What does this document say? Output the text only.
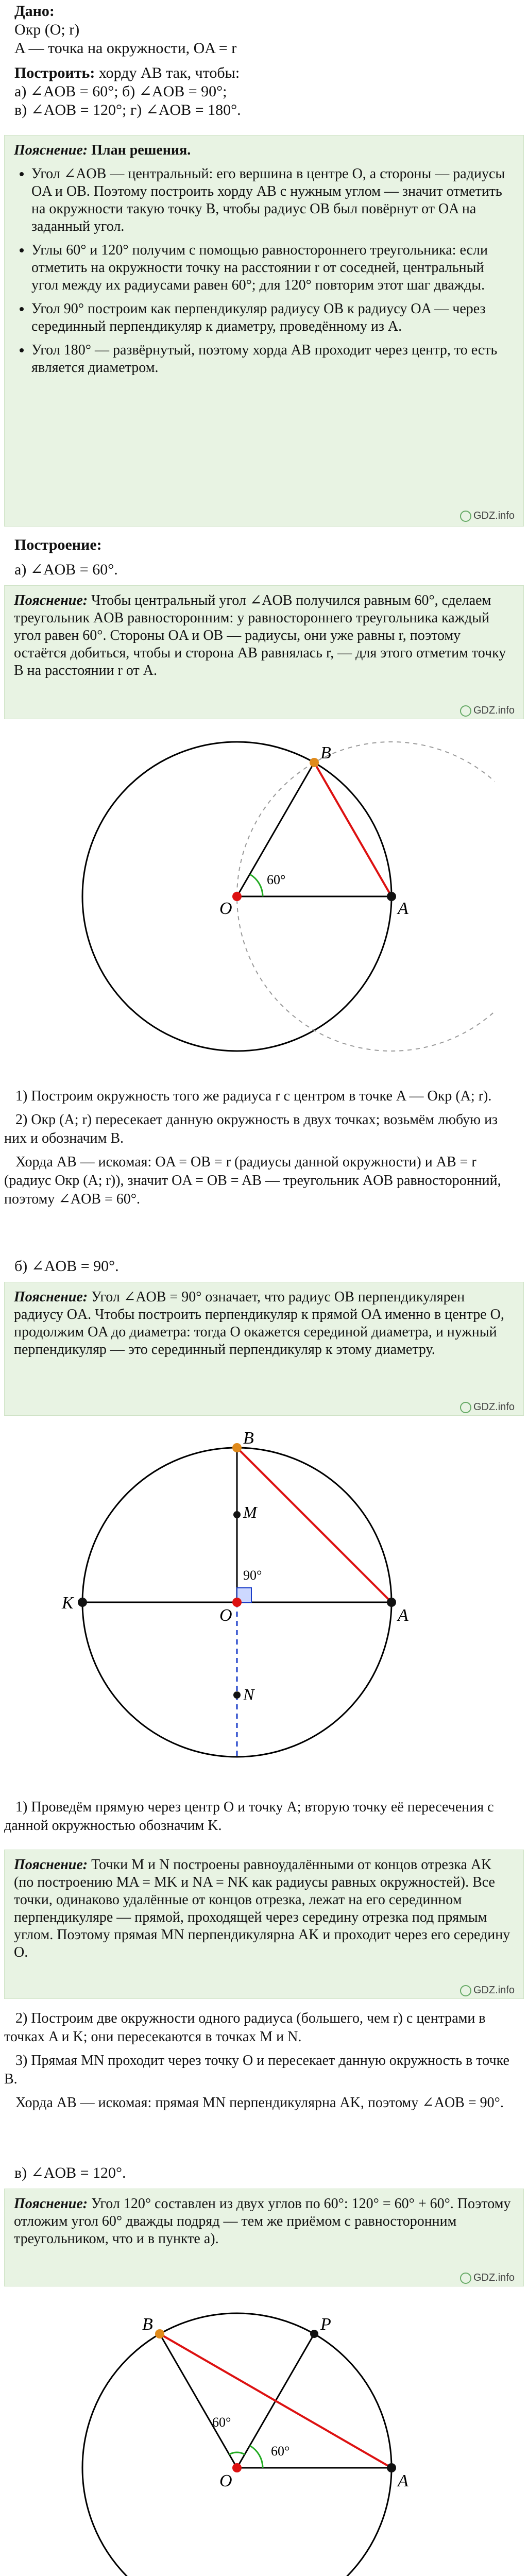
Дано:
Окр (O; r)
A — точка на окружности, OA = r
Построить: хорду AB так, чтобы:
а) ∠AOB = 60°; б) ∠AOB = 90°;
в) ∠AOB = 120°; г) ∠AOB = 180°.
Пояснение: План решения.
• Угол ∠AOB — центральный: его вершина в центре O, а стороны — радиусы OA и OB. Поэтому построить хорду AB с нужным углом — значит отметить на окружности такую точку B, чтобы радиус OB был повёрнут от OA на заданный угол.
• Углы 60° и 120° получим с помощью равностороннего треугольника: если отметить на окружности точку на расстоянии r от соседней, центральный угол между их радиусами равен 60°; для 120° повторим этот шаг дважды.
• Угол 90° построим как перпендикуляр радиусу OB к радиусу OA — через серединный перпендикуляр к диаметру, проведённому из A.
• Угол 180° — развёрнутый, поэтому хорда AB проходит через центр, то есть является диаметром.
GDZ.info
Построение:
а) ∠AOB = 60°.
Пояснение: Чтобы центральный угол ∠AOB получился равным 60°, сделаем треугольник AOB равносторонним: у равностороннего треугольника каждый угол равен 60°. Стороны OA и OB — радиусы, они уже равны r, поэтому остаётся добиться, чтобы и сторона AB равнялась r, — для этого отметим точку B на расстоянии r от A.
GDZ.info
O
B
A
60°

1) Построим окружность того же радиуса r с центром в точке A — Окр (A; r).

2) Окр (A; r) пересекает данную окружность в двух точках; возьмём любую из них и обозначим B.

Хорда AB — искомая: OA = OB = r (радиусы данной окружности) и AB = r (радиус Окр (A; r)), значит OA = OB = AB — треугольник AOB равносторонний, поэтому ∠AOB = 60°.

б) ∠AOB = 90°.
Пояснение: Угол ∠AOB = 90° означает, что радиус OB перпендикулярен радиусу OA. Чтобы построить перпендикуляр к прямой OA именно в центре O, продолжим OA до диаметра: тогда O окажется серединой диаметра, и нужный перпендикуляр — это серединный перпендикуляр к этому диаметру.
GDZ.info
B
M
K
O	A
N
90°

1) Проведём прямую через центр O и точку A; вторую точку её пересечения с данной окружностью обозначим K.

Пояснение: Точки M и N построены равноудалёнными от концов отрезка AK (по построению MA = MK и NA = NK как радиусы равных окружностей). Все точки, одинаково удалённые от концов отрезка, лежат на его серединном перпендикуляре — прямой, проходящей через середину отрезка под прямым углом. Поэтому прямая MN перпендикулярна AK и проходит через его середину O.
GDZ.info

2) Построим две окружности одного радиуса (большего, чем r) с центрами в точках A и K; они пересекаются в точках M и N.

3) Прямая MN проходит через точку O и пересекает данную окружность в точке B.

Хорда AB — искомая: прямая MN перпендикулярна AK, поэтому ∠AOB = 90°.

в) ∠AOB = 120°.
Пояснение: Угол 120° составлен из двух углов по 60°: 120° = 60° + 60°. Поэтому отложим угол 60° дважды подряд — тем же приёмом с равносторонним треугольником, что и в пункте а).
GDZ.info
B	P
O	A
60°
60°
